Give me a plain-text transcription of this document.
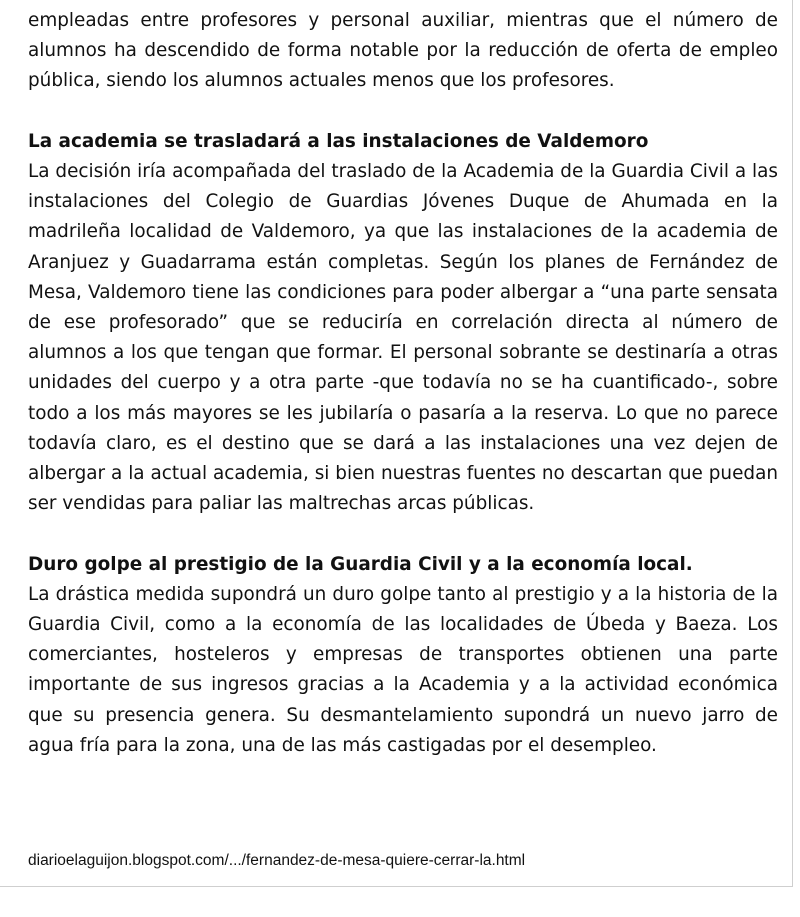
empleadas entre profesores y personal auxiliar, mientras que el número de alumnos ha descendido de forma notable por la reducción de oferta de empleo pública, siendo los alumnos actuales menos que los profesores.

La academia se trasladará a las instalaciones de Valdemoro

La decisión iría acompañada del traslado de la Academia de la Guardia Civil a las instalaciones del Colegio de Guardias Jóvenes Duque de Ahumada en la madrileña localidad de Valdemoro, ya que las instalaciones de la academia de Aranjuez y Guadarrama están completas. Según los planes de Fernández de Mesa, Valdemoro tiene las condiciones para poder albergar a “una parte sensata de ese profesorado” que se reduciría en correlación directa al número de alumnos a los que tengan que formar. El personal sobrante se destinaría a otras unidades del cuerpo y a otra parte -que todavía no se ha cuantificado-, sobre todo a los más mayores se les jubilaría o pasaría a la reserva. Lo que no parece todavía claro, es el destino que se dará a las instalaciones una vez dejen de albergar a la actual academia, si bien nuestras fuentes no descartan que puedan ser vendidas para paliar las maltrechas arcas públicas.

Duro golpe al prestigio de la Guardia Civil y a la economía local.

La drástica medida supondrá un duro golpe tanto al prestigio y a la historia de la Guardia Civil, como a la economía de las localidades de Úbeda y Baeza. Los comerciantes, hosteleros y empresas de transportes obtienen una parte importante de sus ingresos gracias a la Academia y a la actividad económica que su presencia genera. Su desmantelamiento supondrá un nuevo jarro de agua fría para la zona, una de las más castigadas por el desempleo.

diarioelaguijon.blogspot.com/.../fernandez-de-mesa-quiere-cerrar-la.html
